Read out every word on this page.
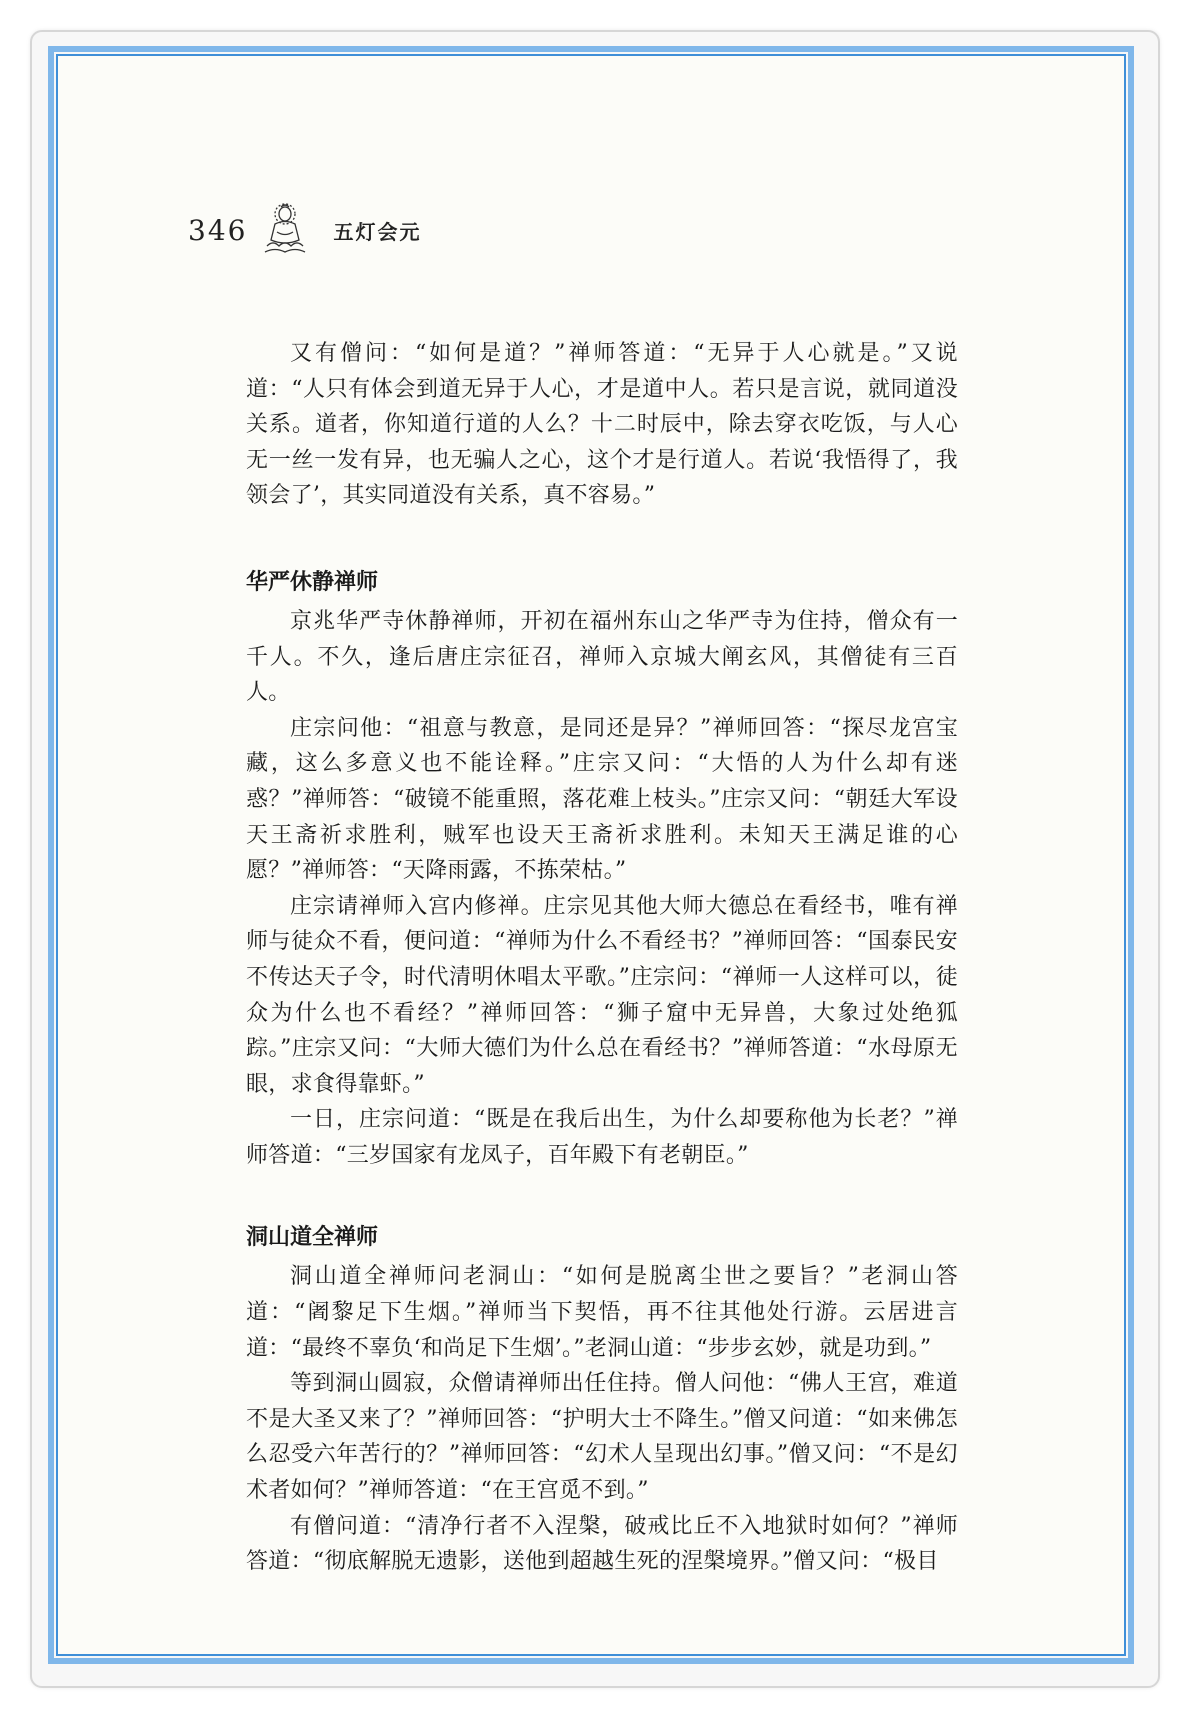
346	五灯会元

又有僧问：“如何是道？”禅师答道：“无异于人心就是。”又说道：“人只有体会到道无异于人心，才是道中人。若只是言说，就同道没关系。道者，你知道行道的人么？十二时辰中，除去穿衣吃饭，与人心无一丝一发有异，也无骗人之心，这个才是行道人。若说‘我悟得了，我领会了’，其实同道没有关系，真不容易。”

华严休静禅师

京兆华严寺休静禅师，开初在福州东山之华严寺为住持，僧众有一千人。不久，逢后唐庄宗征召，禅师入京城大阐玄风，其僧徒有三百人。

庄宗问他：“祖意与教意，是同还是异？”禅师回答：“探尽龙宫宝藏，这么多意义也不能诠释。”庄宗又问：“大悟的人为什么却有迷惑？”禅师答：“破镜不能重照，落花难上枝头。”庄宗又问：“朝廷大军设天王斋祈求胜利，贼军也设天王斋祈求胜利。未知天王满足谁的心愿？”禅师答：“天降雨露，不拣荣枯。”

庄宗请禅师入宫内修禅。庄宗见其他大师大德总在看经书，唯有禅师与徒众不看，便问道：“禅师为什么不看经书？”禅师回答：“国泰民安不传达天子令，时代清明休唱太平歌。”庄宗问：“禅师一人这样可以，徒众为什么也不看经？”禅师回答：“狮子窟中无异兽，大象过处绝狐踪。”庄宗又问：“大师大德们为什么总在看经书？”禅师答道：“水母原无眼，求食得靠虾。”

一日，庄宗问道：“既是在我后出生，为什么却要称他为长老？”禅师答道：“三岁国家有龙凤子，百年殿下有老朝臣。”

洞山道全禅师

洞山道全禅师问老洞山：“如何是脱离尘世之要旨？”老洞山答道：“阇黎足下生烟。”禅师当下契悟，再不往其他处行游。云居进言道：“最终不辜负‘和尚足下生烟’。”老洞山道：“步步玄妙，就是功到。”

等到洞山圆寂，众僧请禅师出任住持。僧人问他：“佛人王宫，难道不是大圣又来了？”禅师回答：“护明大士不降生。”僧又问道：“如来佛怎么忍受六年苦行的？”禅师回答：“幻术人呈现出幻事。”僧又问：“不是幻术者如何？”禅师答道：“在王宫觅不到。”

有僧问道：“清净行者不入涅槃，破戒比丘不入地狱时如何？”禅师答道：“彻底解脱无遗影，送他到超越生死的涅槃境界。”僧又问：“极目
